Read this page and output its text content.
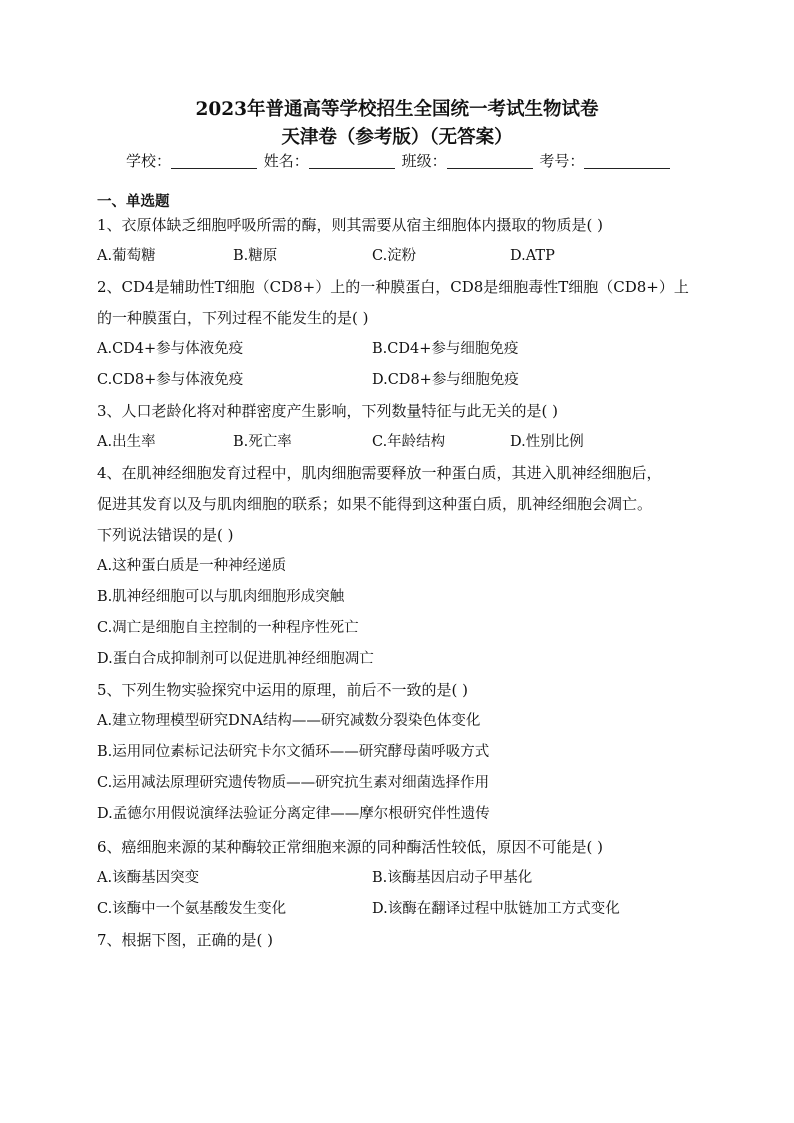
2023年普通高等学校招生全国统一考试生物试卷
天津卷（参考版）（无答案）
学校：	姓名：	班级：	考号：
一、单选题
1、衣原体缺乏细胞呼吸所需的酶，则其需要从宿主细胞体内摄取的物质是( )
A.葡萄糖	B.糖原	C.淀粉	D.ATP
2、CD4是辅助性T细胞（CD8+）上的一种膜蛋白，CD8是细胞毒性T细胞（CD8+）上
的一种膜蛋白，下列过程不能发生的是( )
A.CD4+参与体液免疫	B.CD4+参与细胞免疫
C.CD8+参与体液免疫	D.CD8+参与细胞免疫
3、人口老龄化将对种群密度产生影响，下列数量特征与此无关的是( )
A.出生率	B.死亡率	C.年龄结构	D.性别比例
4、在肌神经细胞发育过程中，肌肉细胞需要释放一种蛋白质，其进入肌神经细胞后，
促进其发育以及与肌肉细胞的联系；如果不能得到这种蛋白质，肌神经细胞会凋亡。
下列说法错误的是( )
A.这种蛋白质是一种神经递质
B.肌神经细胞可以与肌肉细胞形成突触
C.凋亡是细胞自主控制的一种程序性死亡
D.蛋白合成抑制剂可以促进肌神经细胞凋亡
5、下列生物实验探究中运用的原理，前后不一致的是( )
A.建立物理模型研究DNA结构——研究减数分裂染色体变化
B.运用同位素标记法研究卡尔文循环——研究酵母菌呼吸方式
C.运用减法原理研究遗传物质——研究抗生素对细菌选择作用
D.孟德尔用假说演绎法验证分离定律——摩尔根研究伴性遗传
6、癌细胞来源的某种酶较正常细胞来源的同种酶活性较低，原因不可能是( )
A.该酶基因突变	B.该酶基因启动子甲基化
C.该酶中一个氨基酸发生变化	D.该酶在翻译过程中肽链加工方式变化
7、根据下图，正确的是( )
